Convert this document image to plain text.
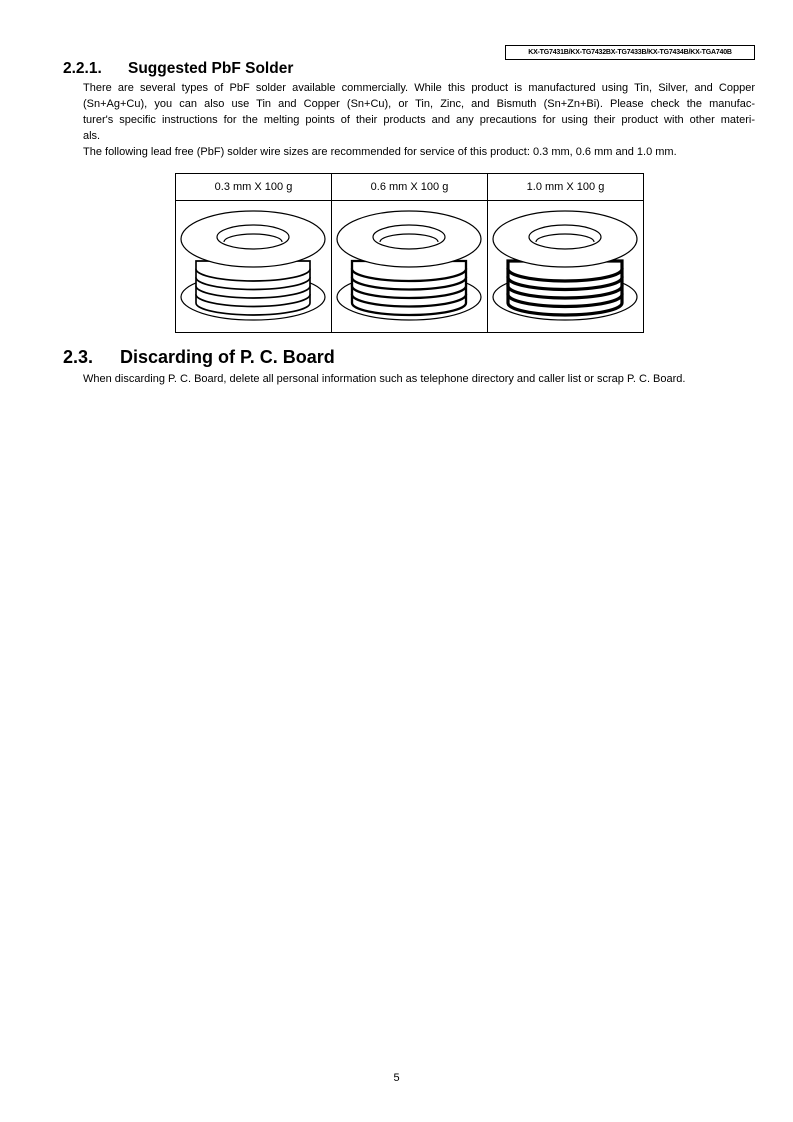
KX-TG7431B/KX-TG7432BX-TG7433B/KX-TG7434B/KX-TGA740B
2.2.1. Suggested PbF Solder
There are several types of PbF solder available commercially. While this product is manufactured using Tin, Silver, and Copper
(Sn+Ag+Cu), you can also use Tin and Copper (Sn+Cu), or Tin, Zinc, and Bismuth (Sn+Zn+Bi). Please check the manufac-
turer's specific instructions for the melting points of their products and any precautions for using their product with other materi-
als.
The following lead free (PbF) solder wire sizes are recommended for service of this product: 0.3 mm, 0.6 mm and 1.0 mm.
0.3 mm X 100 g	0.6 mm X 100 g	1.0 mm X 100 g

2.3. Discarding of P. C. Board
When discarding P. C. Board, delete all personal information such as telephone directory and caller list or scrap P. C. Board.
5
